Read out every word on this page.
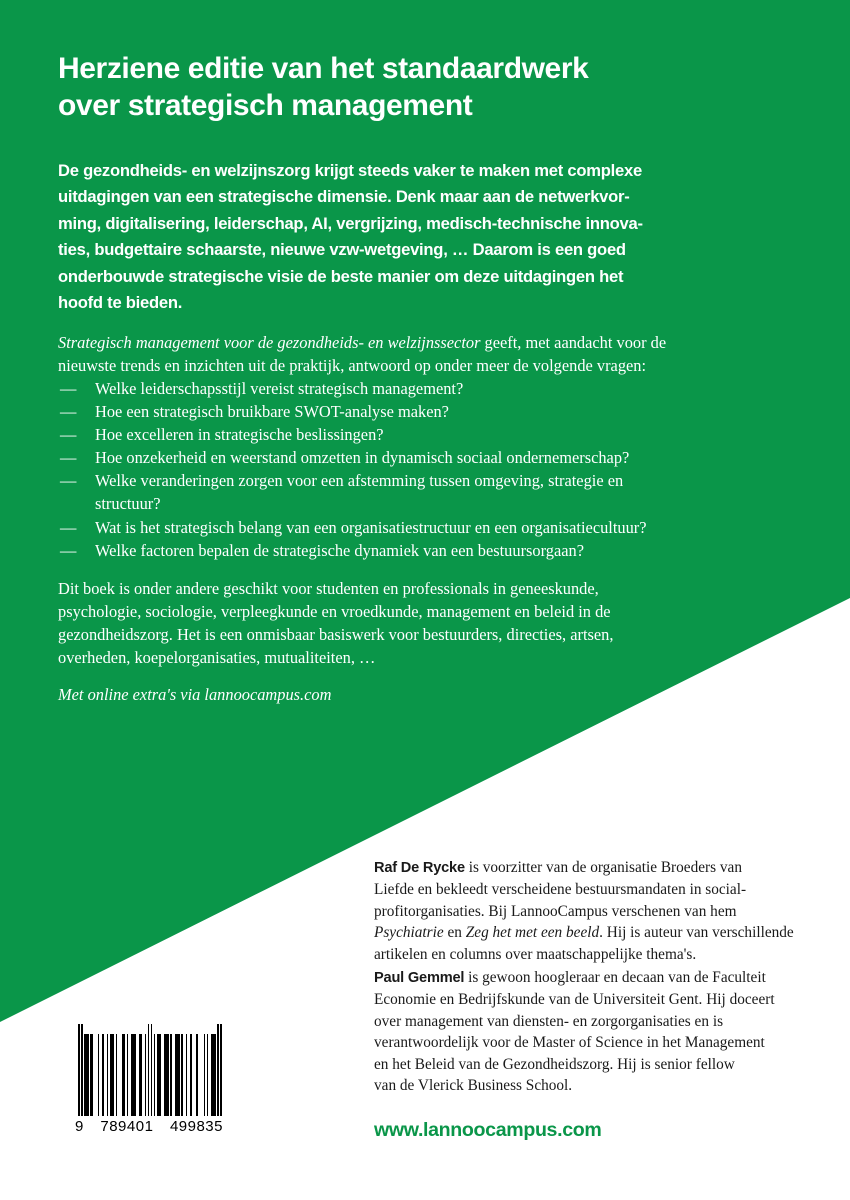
Herziene editie van het standaardwerk
over strategisch management
De gezondheids- en welzijnszorg krijgt steeds vaker te maken met complexe
uitdagingen van een strategische dimensie. Denk maar aan de netwerkvor-
ming, digitalisering, leiderschap, AI, vergrijzing, medisch-technische innova-
ties, budgettaire schaarste, nieuwe vzw-wetgeving, … Daarom is een goed
onderbouwde strategische visie de beste manier om deze uitdagingen het
hoofd te bieden.
Strategisch management voor de gezondheids- en welzijnssector geeft, met aandacht voor de
nieuwste trends en inzichten uit de praktijk, antwoord op onder meer de volgende vragen:
— Welke leiderschapsstijl vereist strategisch management?
— Hoe een strategisch bruikbare SWOT-analyse maken?
— Hoe excelleren in strategische beslissingen?
— Hoe onzekerheid en weerstand omzetten in dynamisch sociaal ondernemerschap?
— Welke veranderingen zorgen voor een afstemming tussen omgeving, strategie en
structuur?
— Wat is het strategisch belang van een organisatiestructuur en een organisatiecultuur?
— Welke factoren bepalen de strategische dynamiek van een bestuursorgaan?
Dit boek is onder andere geschikt voor studenten en professionals in geneeskunde,
psychologie, sociologie, verpleegkunde en vroedkunde, management en beleid in de
gezondheidszorg. Het is een onmisbaar basiswerk voor bestuurders, directies, artsen,
overheden, koepelorganisaties, mutualiteiten, …
Met online extra's via lannoocampus.com
Raf De Rycke is voorzitter van de organisatie Broeders van
Liefde en bekleedt verscheidene bestuursmandaten in social-
profitorganisaties. Bij LannooCampus verschenen van hem
Psychiatrie en Zeg het met een beeld. Hij is auteur van verschillende
artikelen en columns over maatschappelijke thema's.
Paul Gemmel is gewoon hoogleraar en decaan van de Faculteit
Economie en Bedrijfskunde van de Universiteit Gent. Hij doceert
over management van diensten- en zorgorganisaties en is
verantwoordelijk voor de Master of Science in het Management
en het Beleid van de Gezondheidszorg. Hij is senior fellow
van de Vlerick Business School.
9 789401 499835	www.lannoocampus.com
